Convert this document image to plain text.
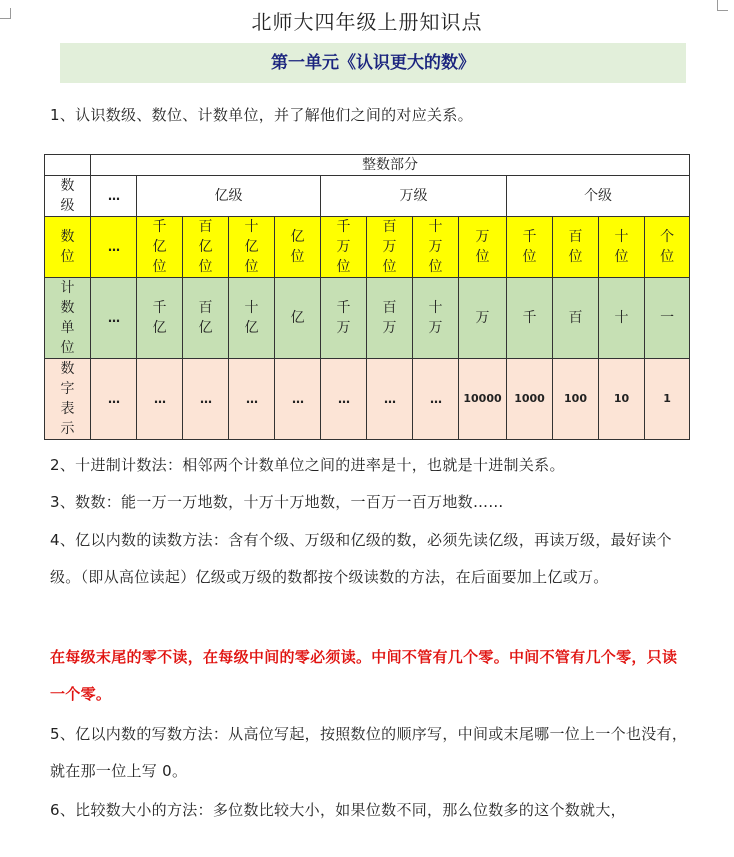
北师大四年级上册知识点
第一单元《认识更大的数》
1、认识数级、数位、计数单位，并了解他们之间的对应关系。
	整数部分												
数级	…	亿级				万级				个级			
数位	…	千亿位	百亿位	十亿位	亿位	千万位	百万位	十万位	万位	千位	百位	十位	个位
计数单位	…	千亿	百亿	十亿	亿	千万	百万	十万	万	千	百	十	一
数字表示	…	…	…	…	…	…	…	…	10000	1000	100	10	1
2、十进制计数法：相邻两个计数单位之间的进率是十，也就是十进制关系。
3、数数：能一万一万地数，十万十万地数，一百万一百万地数……
4、亿以内数的读数方法：含有个级、万级和亿级的数，必须先读亿级，再读万级，最好读个级。（即从高位读起）亿级或万级的数都按个级读数的方法，在后面要加上亿或万。
在每级末尾的零不读，在每级中间的零必须读。中间不管有几个零。中间不管有几个零，只读一个零。
5、亿以内数的写数方法：从高位写起，按照数位的顺序写，中间或末尾哪一位上一个也没有，就在那一位上写 0。
6、比较数大小的方法：多位数比较大小，如果位数不同，那么位数多的这个数就大，
